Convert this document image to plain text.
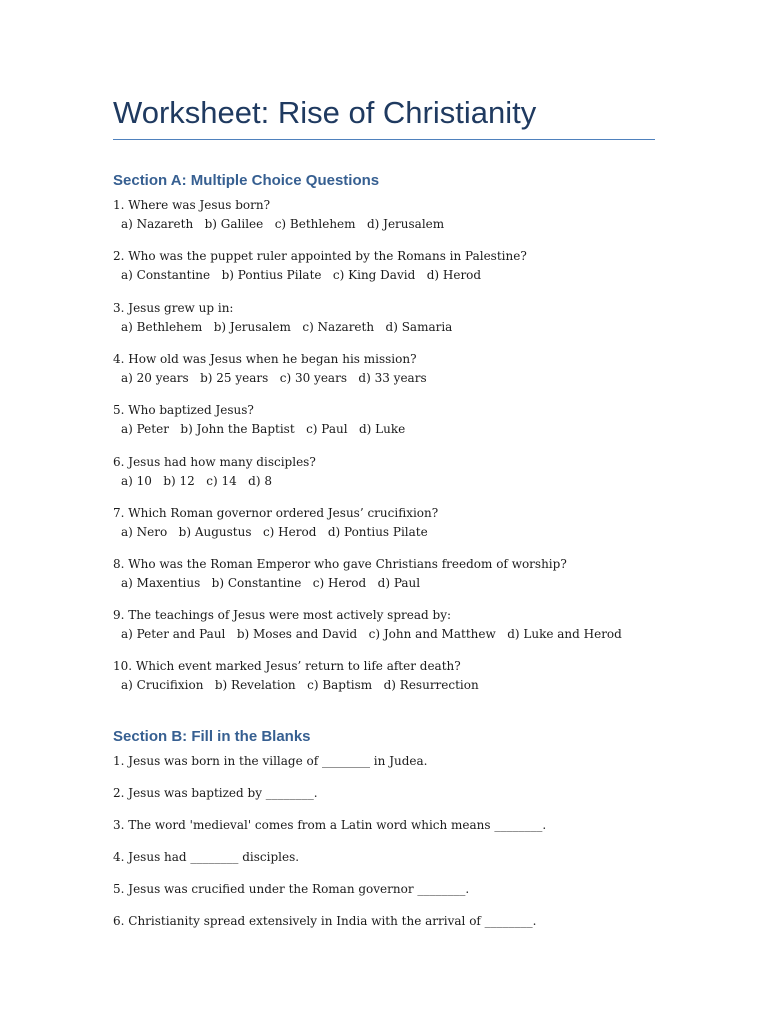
Worksheet: Rise of Christianity
Section A: Multiple Choice Questions
1. Where was Jesus born?
a) Nazareth   b) Galilee   c) Bethlehem   d) Jerusalem
2. Who was the puppet ruler appointed by the Romans in Palestine?
a) Constantine   b) Pontius Pilate   c) King David   d) Herod
3. Jesus grew up in:
a) Bethlehem   b) Jerusalem   c) Nazareth   d) Samaria
4. How old was Jesus when he began his mission?
a) 20 years   b) 25 years   c) 30 years   d) 33 years
5. Who baptized Jesus?
a) Peter   b) John the Baptist   c) Paul   d) Luke
6. Jesus had how many disciples?
a) 10   b) 12   c) 14   d) 8
7. Which Roman governor ordered Jesus’ crucifixion?
a) Nero   b) Augustus   c) Herod   d) Pontius Pilate
8. Who was the Roman Emperor who gave Christians freedom of worship?
a) Maxentius   b) Constantine   c) Herod   d) Paul
9. The teachings of Jesus were most actively spread by:
a) Peter and Paul   b) Moses and David   c) John and Matthew   d) Luke and Herod
10. Which event marked Jesus’ return to life after death?
a) Crucifixion   b) Revelation   c) Baptism   d) Resurrection
Section B: Fill in the Blanks
1. Jesus was born in the village of ________ in Judea.
2. Jesus was baptized by ________.
3. The word 'medieval' comes from a Latin word which means ________.
4. Jesus had ________ disciples.
5. Jesus was crucified under the Roman governor ________.
6. Christianity spread extensively in India with the arrival of ________.
